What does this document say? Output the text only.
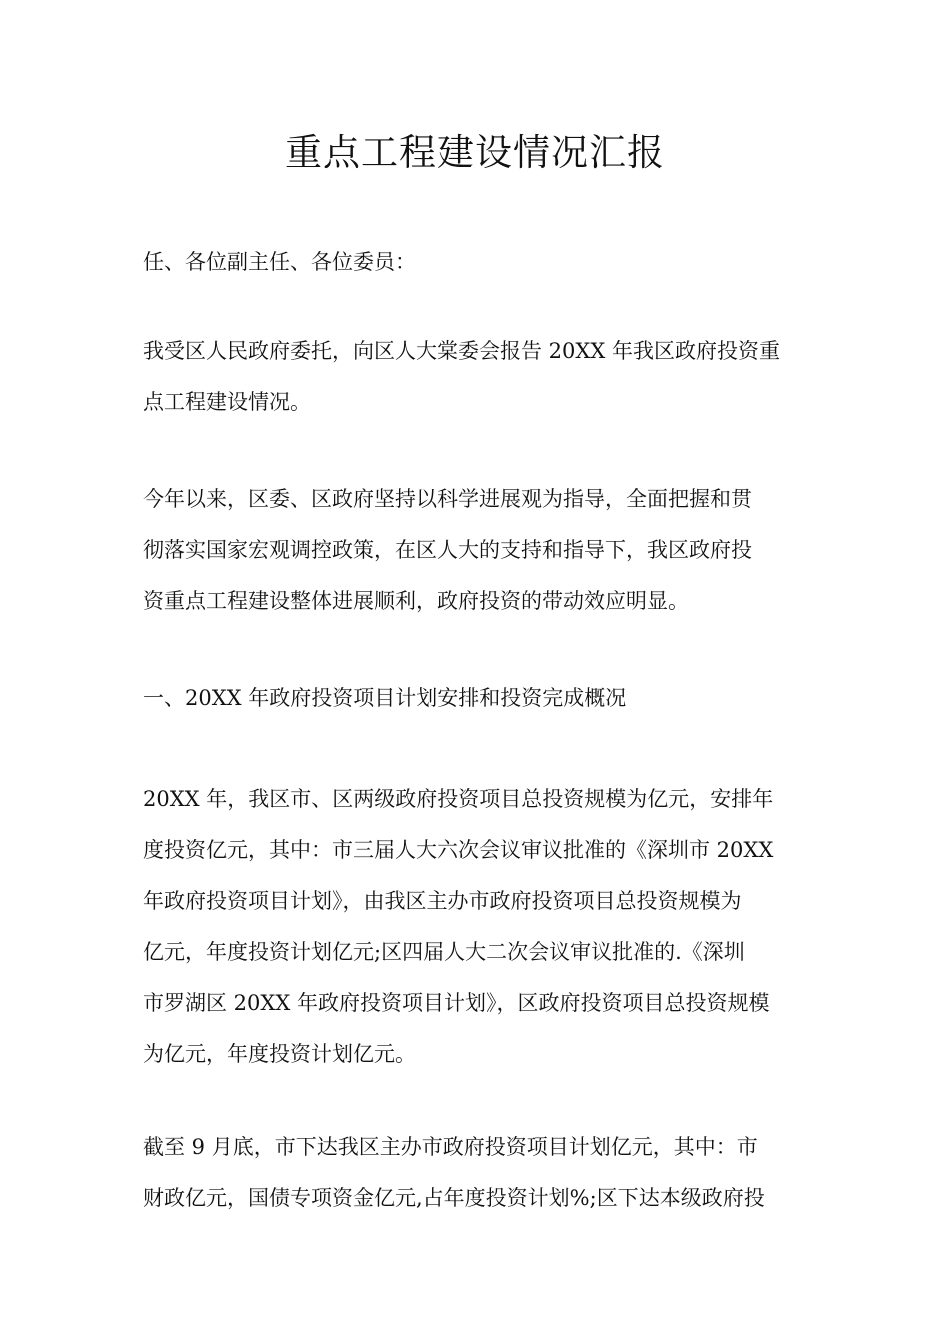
重点工程建设情况汇报

任、各位副主任、各位委员：

我受区人民政府委托，向区人大棠委会报告 20XX 年我区政府投资重
点工程建设情况。

今年以来，区委、区政府坚持以科学进展观为指导，全面把握和贯
彻落实国家宏观调控政策，在区人大的支持和指导下，我区政府投
资重点工程建设整体进展顺利，政府投资的带动效应明显。

一、20XX 年政府投资项目计划安排和投资完成概况

20XX 年，我区市、区两级政府投资项目总投资规模为亿元，安排年
度投资亿元，其中：市三届人大六次会议审议批准的《深圳市 20XX
年政府投资项目计划》，由我区主办市政府投资项目总投资规模为
亿元，年度投资计划亿元;区四届人大二次会议审议批准的.《深圳
市罗湖区 20XX 年政府投资项目计划》，区政府投资项目总投资规模
为亿元，年度投资计划亿元。

截至 9 月底，市下达我区主办市政府投资项目计划亿元，其中：市
财政亿元，国债专项资金亿元,占年度投资计划%;区下达本级政府投
